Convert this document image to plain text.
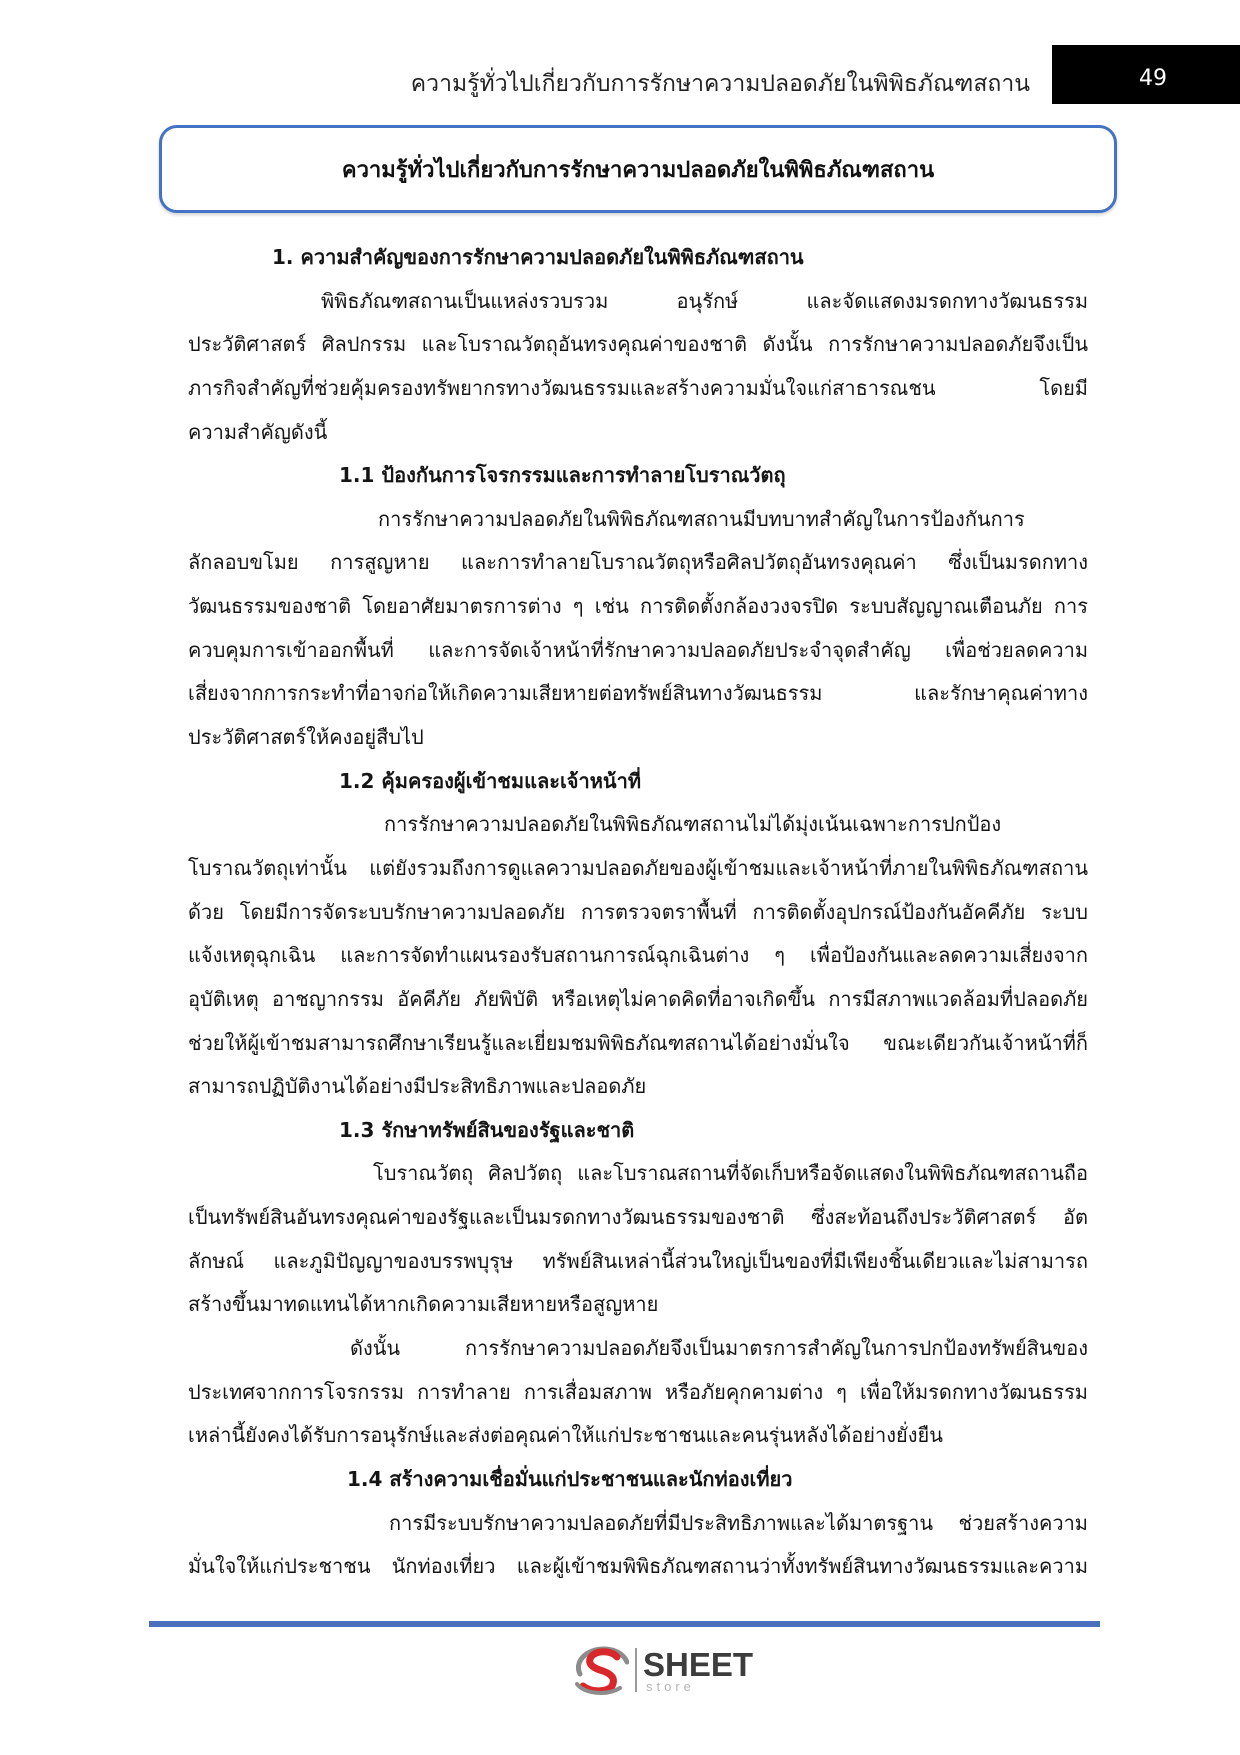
ความรู้ทั่วไปเกี่ยวกับการรักษาความปลอดภัยในพิพิธภัณฑสถาน	49
ความรู้ทั่วไปเกี่ยวกับการรักษาความปลอดภัยในพิพิธภัณฑสถาน
1. ความสำคัญของการรักษาความปลอดภัยในพิพิธภัณฑสถาน
พิพิธภัณฑสถานเป็นแหล่งรวบรวม อนุรักษ์ และจัดแสดงมรดกทางวัฒนธรรม
ประวัติศาสตร์ ศิลปกรรม และโบราณวัตถุอันทรงคุณค่าของชาติ ดังนั้น การรักษาความปลอดภัยจึงเป็น
ภารกิจสำคัญที่ช่วยคุ้มครองทรัพยากรทางวัฒนธรรมและสร้างความมั่นใจแก่สาธารณชน โดยมี
ความสำคัญดังนี้
1.1 ป้องกันการโจรกรรมและการทำลายโบราณวัตถุ
การรักษาความปลอดภัยในพิพิธภัณฑสถานมีบทบาทสำคัญในการป้องกันการ
ลักลอบขโมย การสูญหาย และการทำลายโบราณวัตถุหรือศิลปวัตถุอันทรงคุณค่า ซึ่งเป็นมรดกทาง
วัฒนธรรมของชาติ โดยอาศัยมาตรการต่าง ๆ เช่น การติดตั้งกล้องวงจรปิด ระบบสัญญาณเตือนภัย การ
ควบคุมการเข้าออกพื้นที่ และการจัดเจ้าหน้าที่รักษาความปลอดภัยประจำจุดสำคัญ เพื่อช่วยลดความ
เสี่ยงจากการกระทำที่อาจก่อให้เกิดความเสียหายต่อทรัพย์สินทางวัฒนธรรม และรักษาคุณค่าทาง
ประวัติศาสตร์ให้คงอยู่สืบไป
1.2 คุ้มครองผู้เข้าชมและเจ้าหน้าที่
การรักษาความปลอดภัยในพิพิธภัณฑสถานไม่ได้มุ่งเน้นเฉพาะการปกป้อง
โบราณวัตถุเท่านั้น แต่ยังรวมถึงการดูแลความปลอดภัยของผู้เข้าชมและเจ้าหน้าที่ภายในพิพิธภัณฑสถาน
ด้วย โดยมีการจัดระบบรักษาความปลอดภัย การตรวจตราพื้นที่ การติดตั้งอุปกรณ์ป้องกันอัคคีภัย ระบบ
แจ้งเหตุฉุกเฉิน และการจัดทำแผนรองรับสถานการณ์ฉุกเฉินต่าง ๆ เพื่อป้องกันและลดความเสี่ยงจาก
อุบัติเหตุ อาชญากรรม อัคคีภัย ภัยพิบัติ หรือเหตุไม่คาดคิดที่อาจเกิดขึ้น การมีสภาพแวดล้อมที่ปลอดภัย
ช่วยให้ผู้เข้าชมสามารถศึกษาเรียนรู้และเยี่ยมชมพิพิธภัณฑสถานได้อย่างมั่นใจ ขณะเดียวกันเจ้าหน้าที่ก็
สามารถปฏิบัติงานได้อย่างมีประสิทธิภาพและปลอดภัย
1.3 รักษาทรัพย์สินของรัฐและชาติ
โบราณวัตถุ ศิลปวัตถุ และโบราณสถานที่จัดเก็บหรือจัดแสดงในพิพิธภัณฑสถานถือ
เป็นทรัพย์สินอันทรงคุณค่าของรัฐและเป็นมรดกทางวัฒนธรรมของชาติ ซึ่งสะท้อนถึงประวัติศาสตร์ อัต
ลักษณ์ และภูมิปัญญาของบรรพบุรุษ ทรัพย์สินเหล่านี้ส่วนใหญ่เป็นของที่มีเพียงชิ้นเดียวและไม่สามารถ
สร้างขึ้นมาทดแทนได้หากเกิดความเสียหายหรือสูญหาย
ดังนั้น การรักษาความปลอดภัยจึงเป็นมาตรการสำคัญในการปกป้องทรัพย์สินของ
ประเทศจากการโจรกรรม การทำลาย การเสื่อมสภาพ หรือภัยคุกคามต่าง ๆ เพื่อให้มรดกทางวัฒนธรรม
เหล่านี้ยังคงได้รับการอนุรักษ์และส่งต่อคุณค่าให้แก่ประชาชนและคนรุ่นหลังได้อย่างยั่งยืน
1.4 สร้างความเชื่อมั่นแก่ประชาชนและนักท่องเที่ยว
การมีระบบรักษาความปลอดภัยที่มีประสิทธิภาพและได้มาตรฐาน ช่วยสร้างความ
มั่นใจให้แก่ประชาชน นักท่องเที่ยว และผู้เข้าชมพิพิธภัณฑสถานว่าทั้งทรัพย์สินทางวัฒนธรรมและความ
SHEET
store
